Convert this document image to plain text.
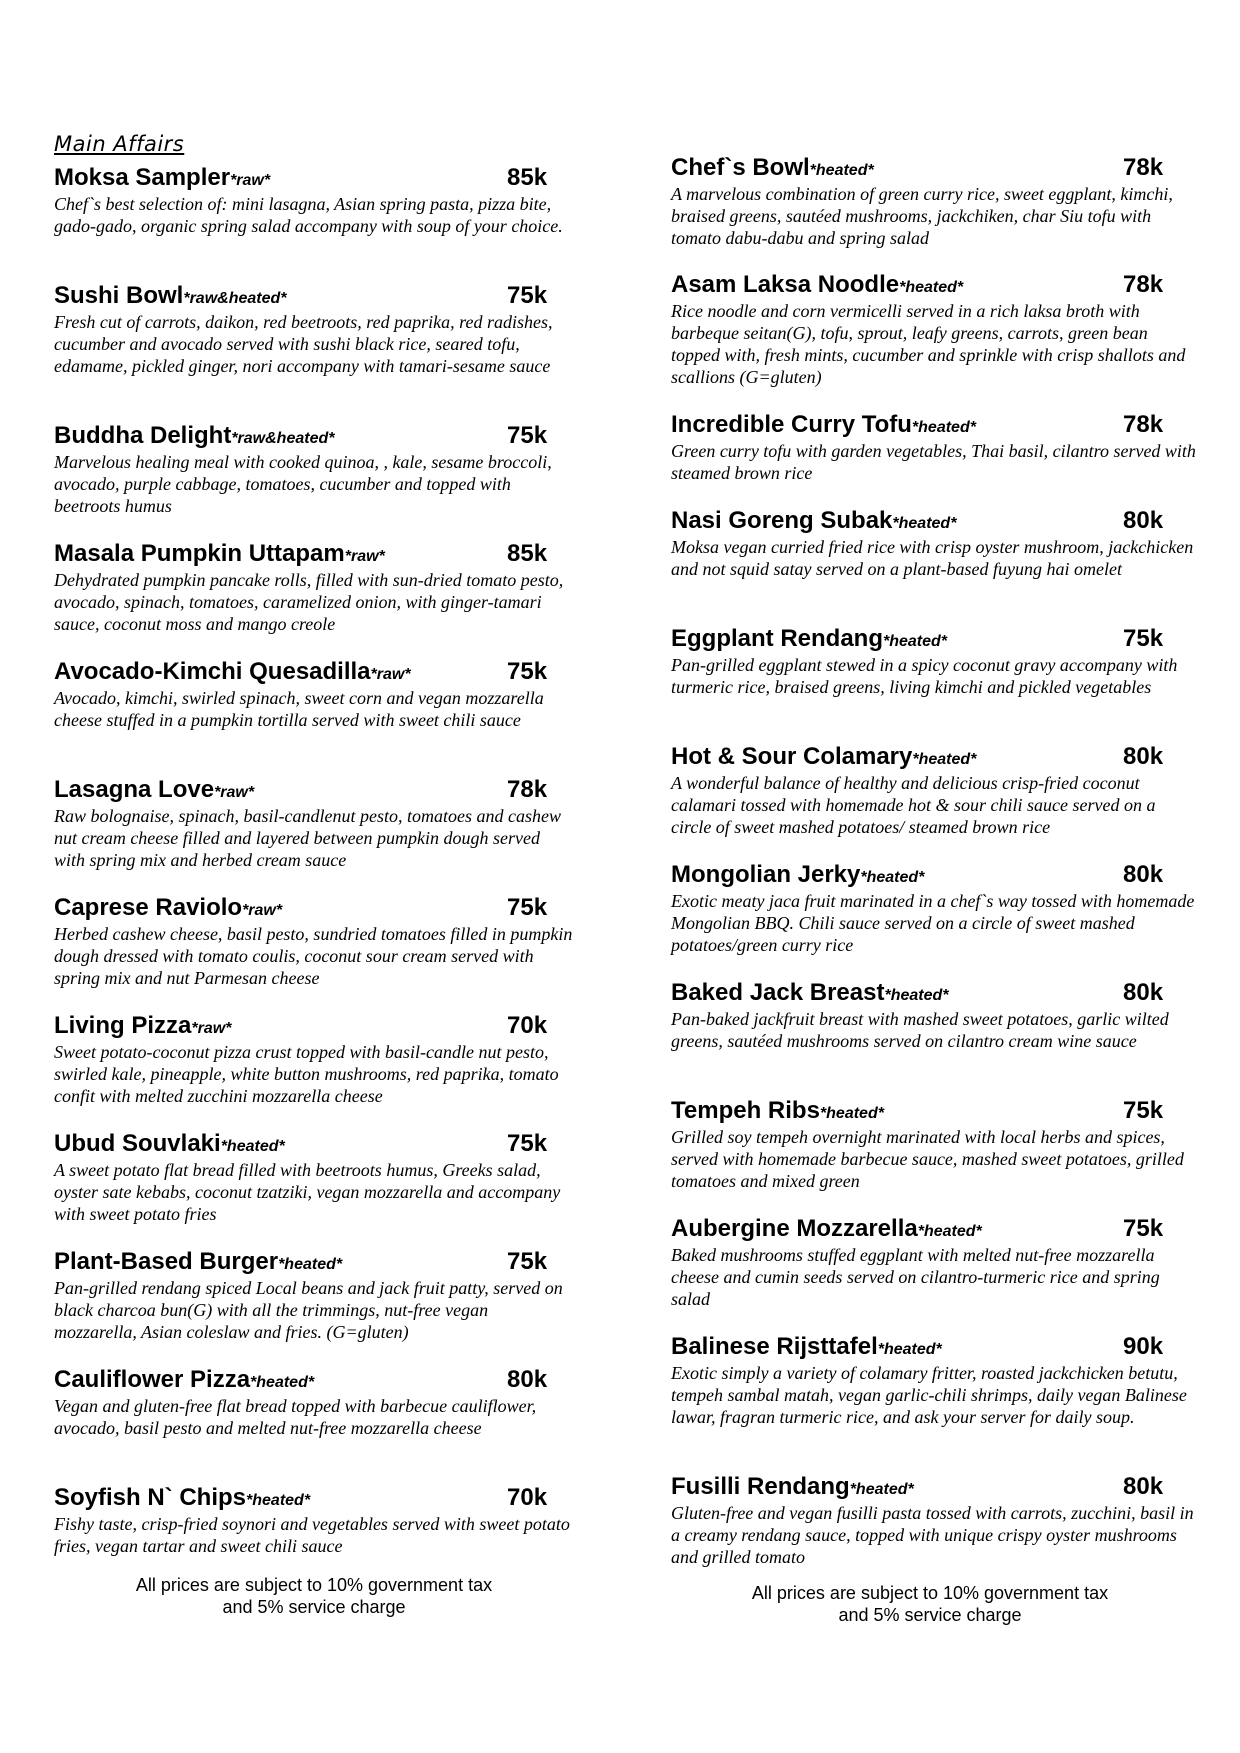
Main Affairs
Moksa Sampler*raw*	85k
Chef`s best selection of: mini lasagna, Asian spring pasta, pizza bite, gado-gado, organic spring salad accompany with soup of your choice.
Sushi Bowl*raw&heated*	75k
Fresh cut of carrots, daikon, red beetroots, red paprika, red radishes, cucumber and avocado served with sushi black rice, seared tofu, edamame, pickled ginger, nori accompany with tamari-sesame sauce
Buddha Delight*raw&heated*	75k
Marvelous healing meal with cooked quinoa, , kale, sesame broccoli, avocado, purple cabbage, tomatoes, cucumber and topped with beetroots humus
Masala Pumpkin Uttapam*raw*	85k
Dehydrated pumpkin pancake rolls, filled with sun-dried tomato pesto, avocado, spinach, tomatoes, caramelized onion, with ginger-tamari sauce, coconut moss and mango creole
Avocado-Kimchi Quesadilla*raw*	75k
Avocado, kimchi, swirled spinach, sweet corn and vegan mozzarella cheese stuffed in a pumpkin tortilla served with sweet chili sauce
Lasagna Love*raw*	78k
Raw bolognaise, spinach, basil-candlenut pesto, tomatoes and cashew nut cream cheese filled and layered between pumpkin dough served with spring mix and herbed cream sauce
Caprese Raviolo*raw*	75k
Herbed cashew cheese, basil pesto, sundried tomatoes filled in pumpkin dough dressed with tomato coulis, coconut sour cream served with spring mix and nut Parmesan cheese
Living Pizza*raw*	70k
Sweet potato-coconut pizza crust topped with basil-candle nut pesto, swirled kale, pineapple, white button mushrooms, red paprika, tomato confit with melted zucchini mozzarella cheese
Ubud Souvlaki*heated*	75k
A sweet potato flat bread filled with beetroots humus, Greeks salad, oyster sate kebabs, coconut tzatziki, vegan mozzarella and accompany with sweet potato fries
Plant-Based Burger*heated*	75k
Pan-grilled rendang spiced Local beans and jack fruit patty, served on black charcoa bun(G) with all the trimmings, nut-free vegan mozzarella, Asian coleslaw and fries. (G=gluten)
Cauliflower Pizza*heated*	80k
Vegan and gluten-free flat bread topped with barbecue cauliflower, avocado, basil pesto and melted nut-free mozzarella cheese
Soyfish N` Chips*heated*	70k
Fishy taste, crisp-fried soynori and vegetables served with sweet potato fries, vegan tartar and sweet chili sauce
All prices are subject to 10% government tax
and 5% service charge
Chef`s Bowl*heated*	78k
A marvelous combination of green curry rice, sweet eggplant, kimchi, braised greens, sautéed mushrooms, jackchiken, char Siu tofu with tomato dabu-dabu and spring salad
Asam Laksa Noodle*heated*	78k
Rice noodle and corn vermicelli served in a rich laksa broth with barbeque seitan(G), tofu, sprout, leafy greens, carrots, green bean topped with, fresh mints, cucumber and sprinkle with crisp shallots and scallions (G=gluten)
Incredible Curry Tofu*heated*	78k
Green curry tofu with garden vegetables, Thai basil, cilantro served with steamed brown rice
Nasi Goreng Subak*heated*	80k
Moksa vegan curried fried rice with crisp oyster mushroom, jackchicken and not squid satay served on a plant-based fuyung hai omelet
Eggplant Rendang*heated*	75k
Pan-grilled eggplant stewed in a spicy coconut gravy accompany with turmeric rice, braised greens, living kimchi and pickled vegetables
Hot & Sour Colamary*heated*	80k
A wonderful balance of healthy and delicious crisp-fried coconut calamari tossed with homemade hot & sour chili sauce served on a circle of sweet mashed potatoes/ steamed brown rice
Mongolian Jerky*heated*	80k
Exotic meaty jaca fruit marinated in a chef`s way tossed with homemade Mongolian BBQ. Chili sauce served on a circle of sweet mashed potatoes/green curry rice
Baked Jack Breast*heated*	80k
Pan-baked jackfruit breast with mashed sweet potatoes, garlic wilted greens, sautéed mushrooms served on cilantro cream wine sauce
Tempeh Ribs*heated*	75k
Grilled soy tempeh overnight marinated with local herbs and spices, served with homemade barbecue sauce, mashed sweet potatoes, grilled tomatoes and mixed green
Aubergine Mozzarella*heated*	75k
Baked mushrooms stuffed eggplant with melted nut-free mozzarella cheese and cumin seeds served on cilantro-turmeric rice and spring salad
Balinese Rijsttafel*heated*	90k
Exotic simply a variety of colamary fritter, roasted jackchicken betutu, tempeh sambal matah, vegan garlic-chili shrimps, daily vegan Balinese lawar, fragran turmeric rice, and ask your server for daily soup.
Fusilli Rendang*heated*	80k
Gluten-free and vegan fusilli pasta tossed with carrots, zucchini, basil in a creamy rendang sauce, topped with unique crispy oyster mushrooms and grilled tomato
All prices are subject to 10% government tax
and 5% service charge
